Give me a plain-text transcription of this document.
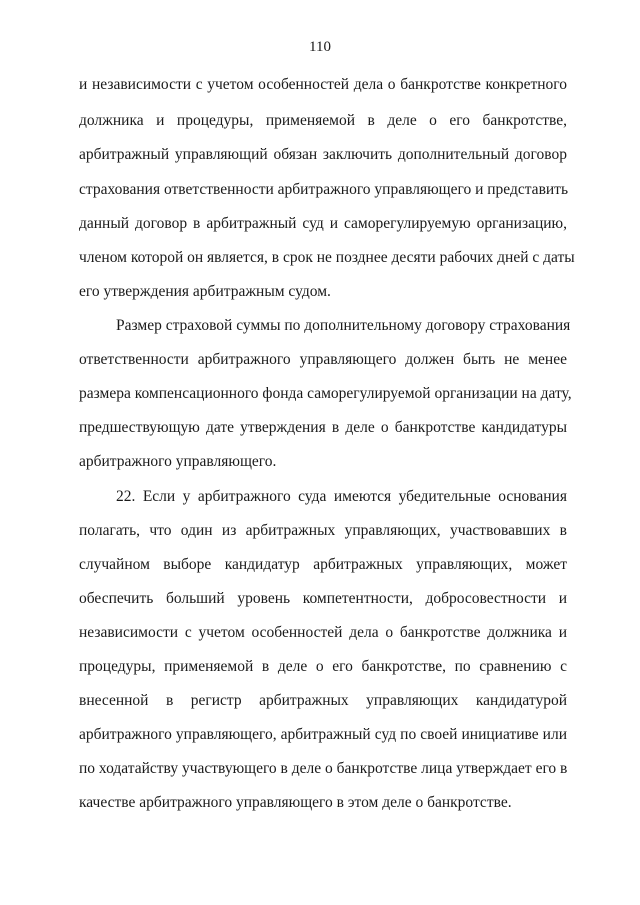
110
и независимости с учетом особенностей дела о банкротстве конкретного
должника и процедуры, применяемой в деле о его банкротстве,
арбитражный управляющий обязан заключить дополнительный договор
страхования ответственности арбитражного управляющего и представить
данный договор в арбитражный суд и саморегулируемую организацию,
членом которой он является, в срок не позднее десяти рабочих дней с даты
его утверждения арбитражным судом.
Размер страховой суммы по дополнительному договору страхования
ответственности арбитражного управляющего должен быть не менее
размера компенсационного фонда саморегулируемой организации на дату,
предшествующую дате утверждения в деле о банкротстве кандидатуры
арбитражного управляющего.
22. Если у арбитражного суда имеются убедительные основания
полагать, что один из арбитражных управляющих, участвовавших в
случайном выборе кандидатур арбитражных управляющих, может
обеспечить больший уровень компетентности, добросовестности и
независимости с учетом особенностей дела о банкротстве должника и
процедуры, применяемой в деле о его банкротстве, по сравнению с
внесенной в регистр арбитражных управляющих кандидатурой
арбитражного управляющего, арбитражный суд по своей инициативе или
по ходатайству участвующего в деле о банкротстве лица утверждает его в
качестве арбитражного управляющего в этом деле о банкротстве.
